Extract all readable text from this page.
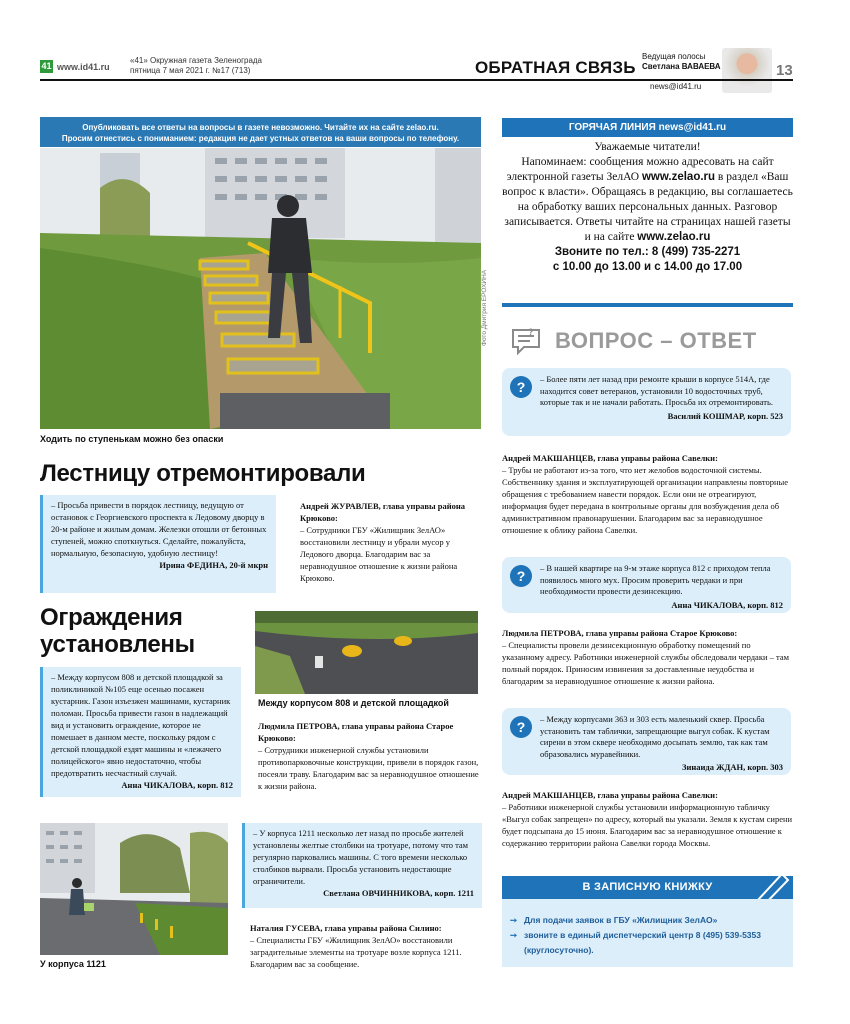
41 www.id41.ru
«41» Окружная газета Зеленограда
пятница 7 мая 2021 г. №17 (713)	ОБРАТНАЯ СВЯЗЬ
Ведущая полосы
Светлана ВАВАЕВА
news@id41.ru
13
Опубликовать все ответы на вопросы в газете невозможно. Читайте их на сайте zelao.ru.
Просим отнестись с пониманием: редакция не дает устных ответов на ваши вопросы по телефону.
Ходить по ступенькам можно без опаски
Фото Дмитрия ЕРОХИНА
Лестницу отремонтировали
– Просьба привести в порядок лестницу, ведущую от остановок с Георгиевского проспекта к Ледовому дворцу в 20-м районе и жилым домам. Железки отошли от бетонных ступеней, можно споткнуться. Сделайте, пожалуйста, нормальную, безопасную, удобную лестницу!
Ирина ФЕДИНА, 20-й мкрн
Андрей ЖУРАВЛЕВ, глава управы района Крюково:
– Сотрудники ГБУ «Жилищник ЗелАО» восстановили лестницу и убрали мусор у Ледового дворца. Благодарим вас за неравнодушное отношение к жизни района Крюково.
Ограждения установлены
– Между корпусом 808 и детской площадкой за поликлиникой №105 еще осенью посажен кустарник. Газон изъезжен машинами, кустарник поломан. Просьба привести газон в надлежащий вид и установить ограждение, которое не помешает в данном месте, поскольку рядом с детской площадкой ездят машины и «лежачего полицейского» явно недостаточно, чтобы предотвратить несчастный случай.
Анна ЧИКАЛОВА, корп. 812
Между корпусом 808 и детской площадкой
Людмила ПЕТРОВА, глава управы района Старое Крюково:
– Сотрудники инженерной службы установили противопарковочные конструкции, привели в порядок газон, посеяли траву. Благодарим вас за неравнодушное отношение к жизни района.
У корпуса 1121
– У корпуса 1211 несколько лет назад по просьбе жителей установлены желтые столбики на тротуаре, потому что там регулярно парковались машины. С того времени несколько столбиков вырвали. Просьба установить недостающие ограничители.
Светлана ОВЧИННИКОВА, корп. 1211
Наталия ГУСЕВА, глава управы района Силино:
– Специалисты ГБУ «Жилищник ЗелАО» восстановили заградительные элементы на тротуаре возле корпуса 1211. Благодарим вас за сообщение.
ГОРЯЧАЯ ЛИНИЯ news@id41.ru
Уважаемые читатели!
Напоминаем: сообщения можно адресовать на сайт электронной газеты ЗелАО www.zelao.ru в раздел «Ваш вопрос к власти». Обращаясь в редакцию, вы соглашаетесь на обработку ваших персональных данных. Разговор записывается. Ответы читайте на страницах нашей газеты и на сайте www.zelao.ru
Звоните по тел.: 8 (499) 735-2271
с 10.00 до 13.00 и с 14.00 до 17.00
? ВОПРОС – ОТВЕТ
?	– Более пяти лет назад при ремонте крыши в корпусе 514А, где находится совет ветеранов, установили 10 водосточных труб, которые так и не начали работать. Просьба их отремонтировать.
Василий КОШМАР, корп. 523
Андрей МАКШАНЦЕВ, глава управы района Савелки:
– Трубы не работают из-за того, что нет желобов водосточной системы. Собственнику здания и эксплуатирующей организации направлены повторные обращения с требованием навести порядок. Если они не отреагируют, информация будет передана в контрольные органы для возбуждения дела об административном правонарушении. Благодарим вас за неравнодушное отношение к облику района Савелки.
?	– В нашей квартире на 9-м этаже корпуса 812 с приходом тепла появилось много мух. Просим проверить чердаки и при необходимости провести дезинсекцию.
Анна ЧИКАЛОВА, корп. 812
Людмила ПЕТРОВА, глава управы района Старое Крюково:
– Специалисты провели дезинсекционную обработку помещений по указанному адресу. Работники инженерной службы обследовали чердаки – там полный порядок. Приносим извинения за доставленные неудобства и благодарим за неравнодушное отношение к жизни района.
?	– Между корпусами 363 и 303 есть маленький сквер. Просьба установить там таблички, запрещающие выгул собак. К кустам сирени в этом сквере необходимо досыпать землю, так как там образовались муравейники.
Зинаида ЖДАН, корп. 303
Андрей МАКШАНЦЕВ, глава управы района Савелки:
– Работники инженерной службы установили информационную табличку «Выгул собак запрещен» по адресу, который вы указали. Земля к кустам сирени будет подсыпана до 15 июня. Благодарим вас за неравнодушное отношение к содержанию территории района Савелки города Москвы.
В ЗАПИСНУЮ КНИЖКУ
➙ Для подачи заявок в ГБУ «Жилищник ЗелАО»
➙ звоните в единый диспетчерский центр 8 (495) 539-5353
(круглосуточно).
